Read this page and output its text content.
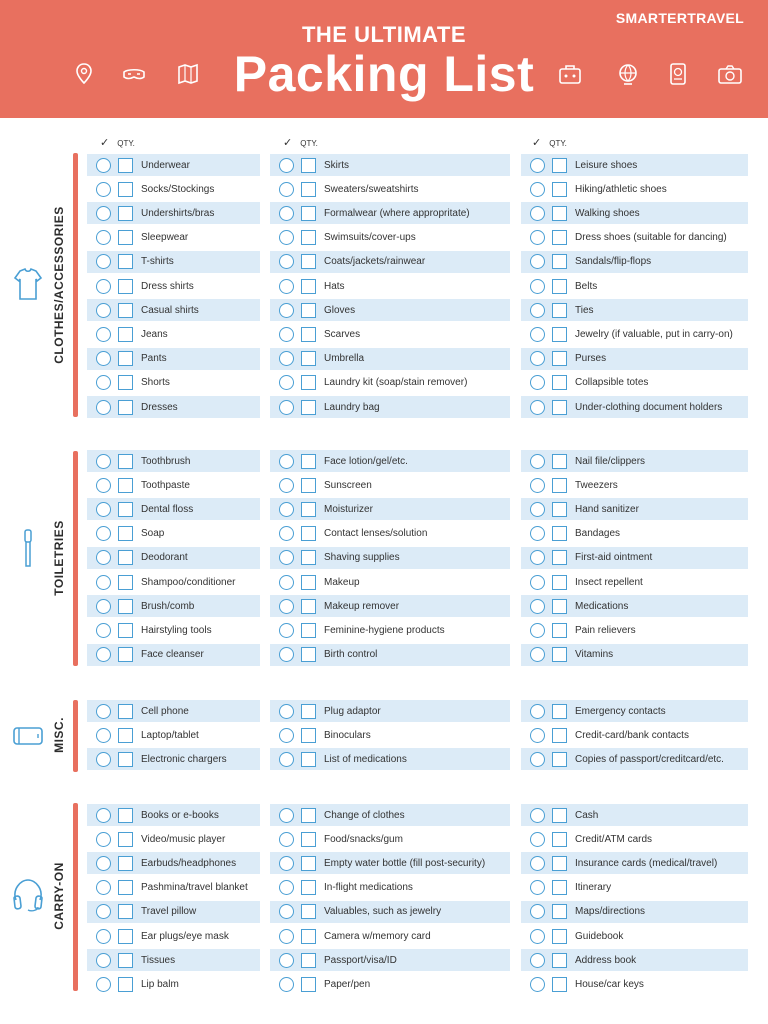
THE ULTIMATE
Packing List
SMARTERTRAVEL
✓ QTY.	✓ QTY.	✓ QTY.
CLOTHES/ACCESSORIES
TOILETRIES
MISC.
CARRY-ON
Underwear
Socks/Stockings
Undershirts/bras
Sleepwear
T-shirts
Dress shirts
Casual shirts
Jeans
Pants
Shorts
Dresses
Skirts
Sweaters/sweatshirts
Formalwear (where appropritate)
Swimsuits/cover-ups
Coats/jackets/rainwear
Hats
Gloves
Scarves
Umbrella
Laundry kit (soap/stain remover)
Laundry bag
Leisure shoes
Hiking/athletic shoes
Walking shoes
Dress shoes (suitable for dancing)
Sandals/flip-flops
Belts
Ties
Jewelry (if valuable, put in carry-on)
Purses
Collapsible totes
Under-clothing document holders
Toothbrush
Toothpaste
Dental floss
Soap
Deodorant
Shampoo/conditioner
Brush/comb
Hairstyling tools
Face cleanser
Face lotion/gel/etc.
Sunscreen
Moisturizer
Contact lenses/solution
Shaving supplies
Makeup
Makeup remover
Feminine-hygiene products
Birth control
Nail file/clippers
Tweezers
Hand sanitizer
Bandages
First-aid ointment
Insect repellent
Medications
Pain relievers
Vitamins
Cell phone
Laptop/tablet
Electronic chargers
Plug adaptor
Binoculars
List of medications
Emergency contacts
Credit-card/bank contacts
Copies of passport/creditcard/etc.
Books or e-books
Video/music player
Earbuds/headphones
Pashmina/travel blanket
Travel pillow
Ear plugs/eye mask
Tissues
Lip balm
Change of clothes
Food/snacks/gum
Empty water bottle (fill post-security)
In-flight medications
Valuables, such as jewelry
Camera w/memory card
Passport/visa/ID
Paper/pen
Cash
Credit/ATM cards
Insurance cards (medical/travel)
Itinerary
Maps/directions
Guidebook
Address book
House/car keys
